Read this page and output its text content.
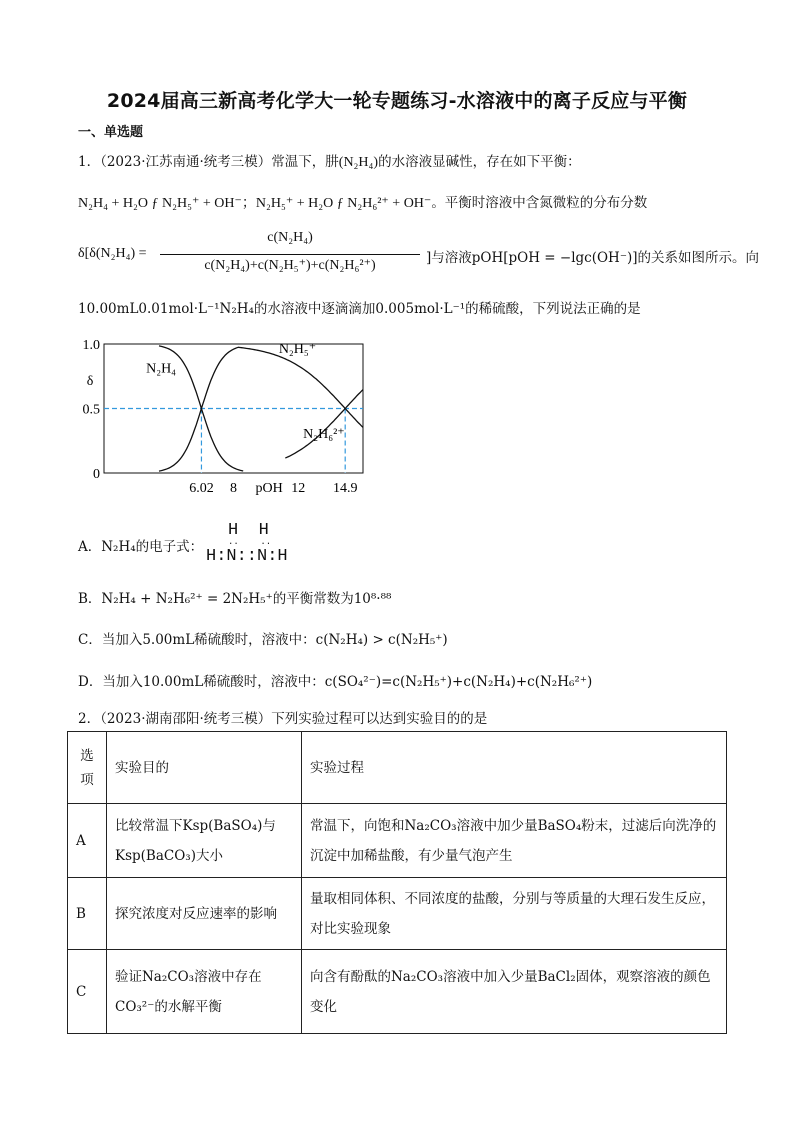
2024届高三新高考化学大一轮专题练习-水溶液中的离子反应与平衡
一、单选题
1．（2023·江苏南通·统考三模）常温下，肼(N₂H₄)的水溶液显碱性，存在如下平衡：
N₂H₄ + H₂O ƒ N₂H₅⁺ + OH⁻；N₂H₅⁺ + H₂O ƒ N₂H₆²⁺ + OH⁻。平衡时溶液中含氮微粒的分布分数
δ[δ(N₂H₄) =
c(N₂H₄)
c(N₂H₄)+c(N₂H₅⁺)+c(N₂H₆²⁺)	]与溶液pOH[pOH = −lgc(OH⁻)]的关系如图所示。向
10.00mL0.01mol·L⁻¹N₂H₄的水溶液中逐滴滴加0.005mol·L⁻¹的稀硫酸，下列说法正确的是
1.0
0.5
0
δ
6.02 8	12 14.9
pOH
N₂H₄
N₂H₅⁺
N₂H₆²⁺
A．N₂H₄的电子式：
H  H
··    ··
H:N::N:H
B．N₂H₄ + N₂H₆²⁺ = 2N₂H₅⁺的平衡常数为10⁸·⁸⁸
C．当加入5.00mL稀硫酸时，溶液中：c(N₂H₄) > c(N₂H₅⁺)
D．当加入10.00mL稀硫酸时，溶液中：c(SO₄²⁻)=c(N₂H₅⁺)+c(N₂H₄)+c(N₂H₆²⁺)
2．（2023·湖南邵阳·统考三模）下列实验过程可以达到实验目的的是
选项	实验目的	实验过程
A	比较常温下Ksp(BaSO₄)与Ksp(BaCO₃)大小	常温下，向饱和Na₂CO₃溶液中加少量BaSO₄粉末，过滤后向洗净的沉淀中加稀盐酸，有少量气泡产生
B	探究浓度对反应速率的影响	量取相同体积、不同浓度的盐酸，分别与等质量的大理石发生反应，对比实验现象
C	验证Na₂CO₃溶液中存在CO₃²⁻的水解平衡	向含有酚酞的Na₂CO₃溶液中加入少量BaCl₂固体，观察溶液的颜色变化
